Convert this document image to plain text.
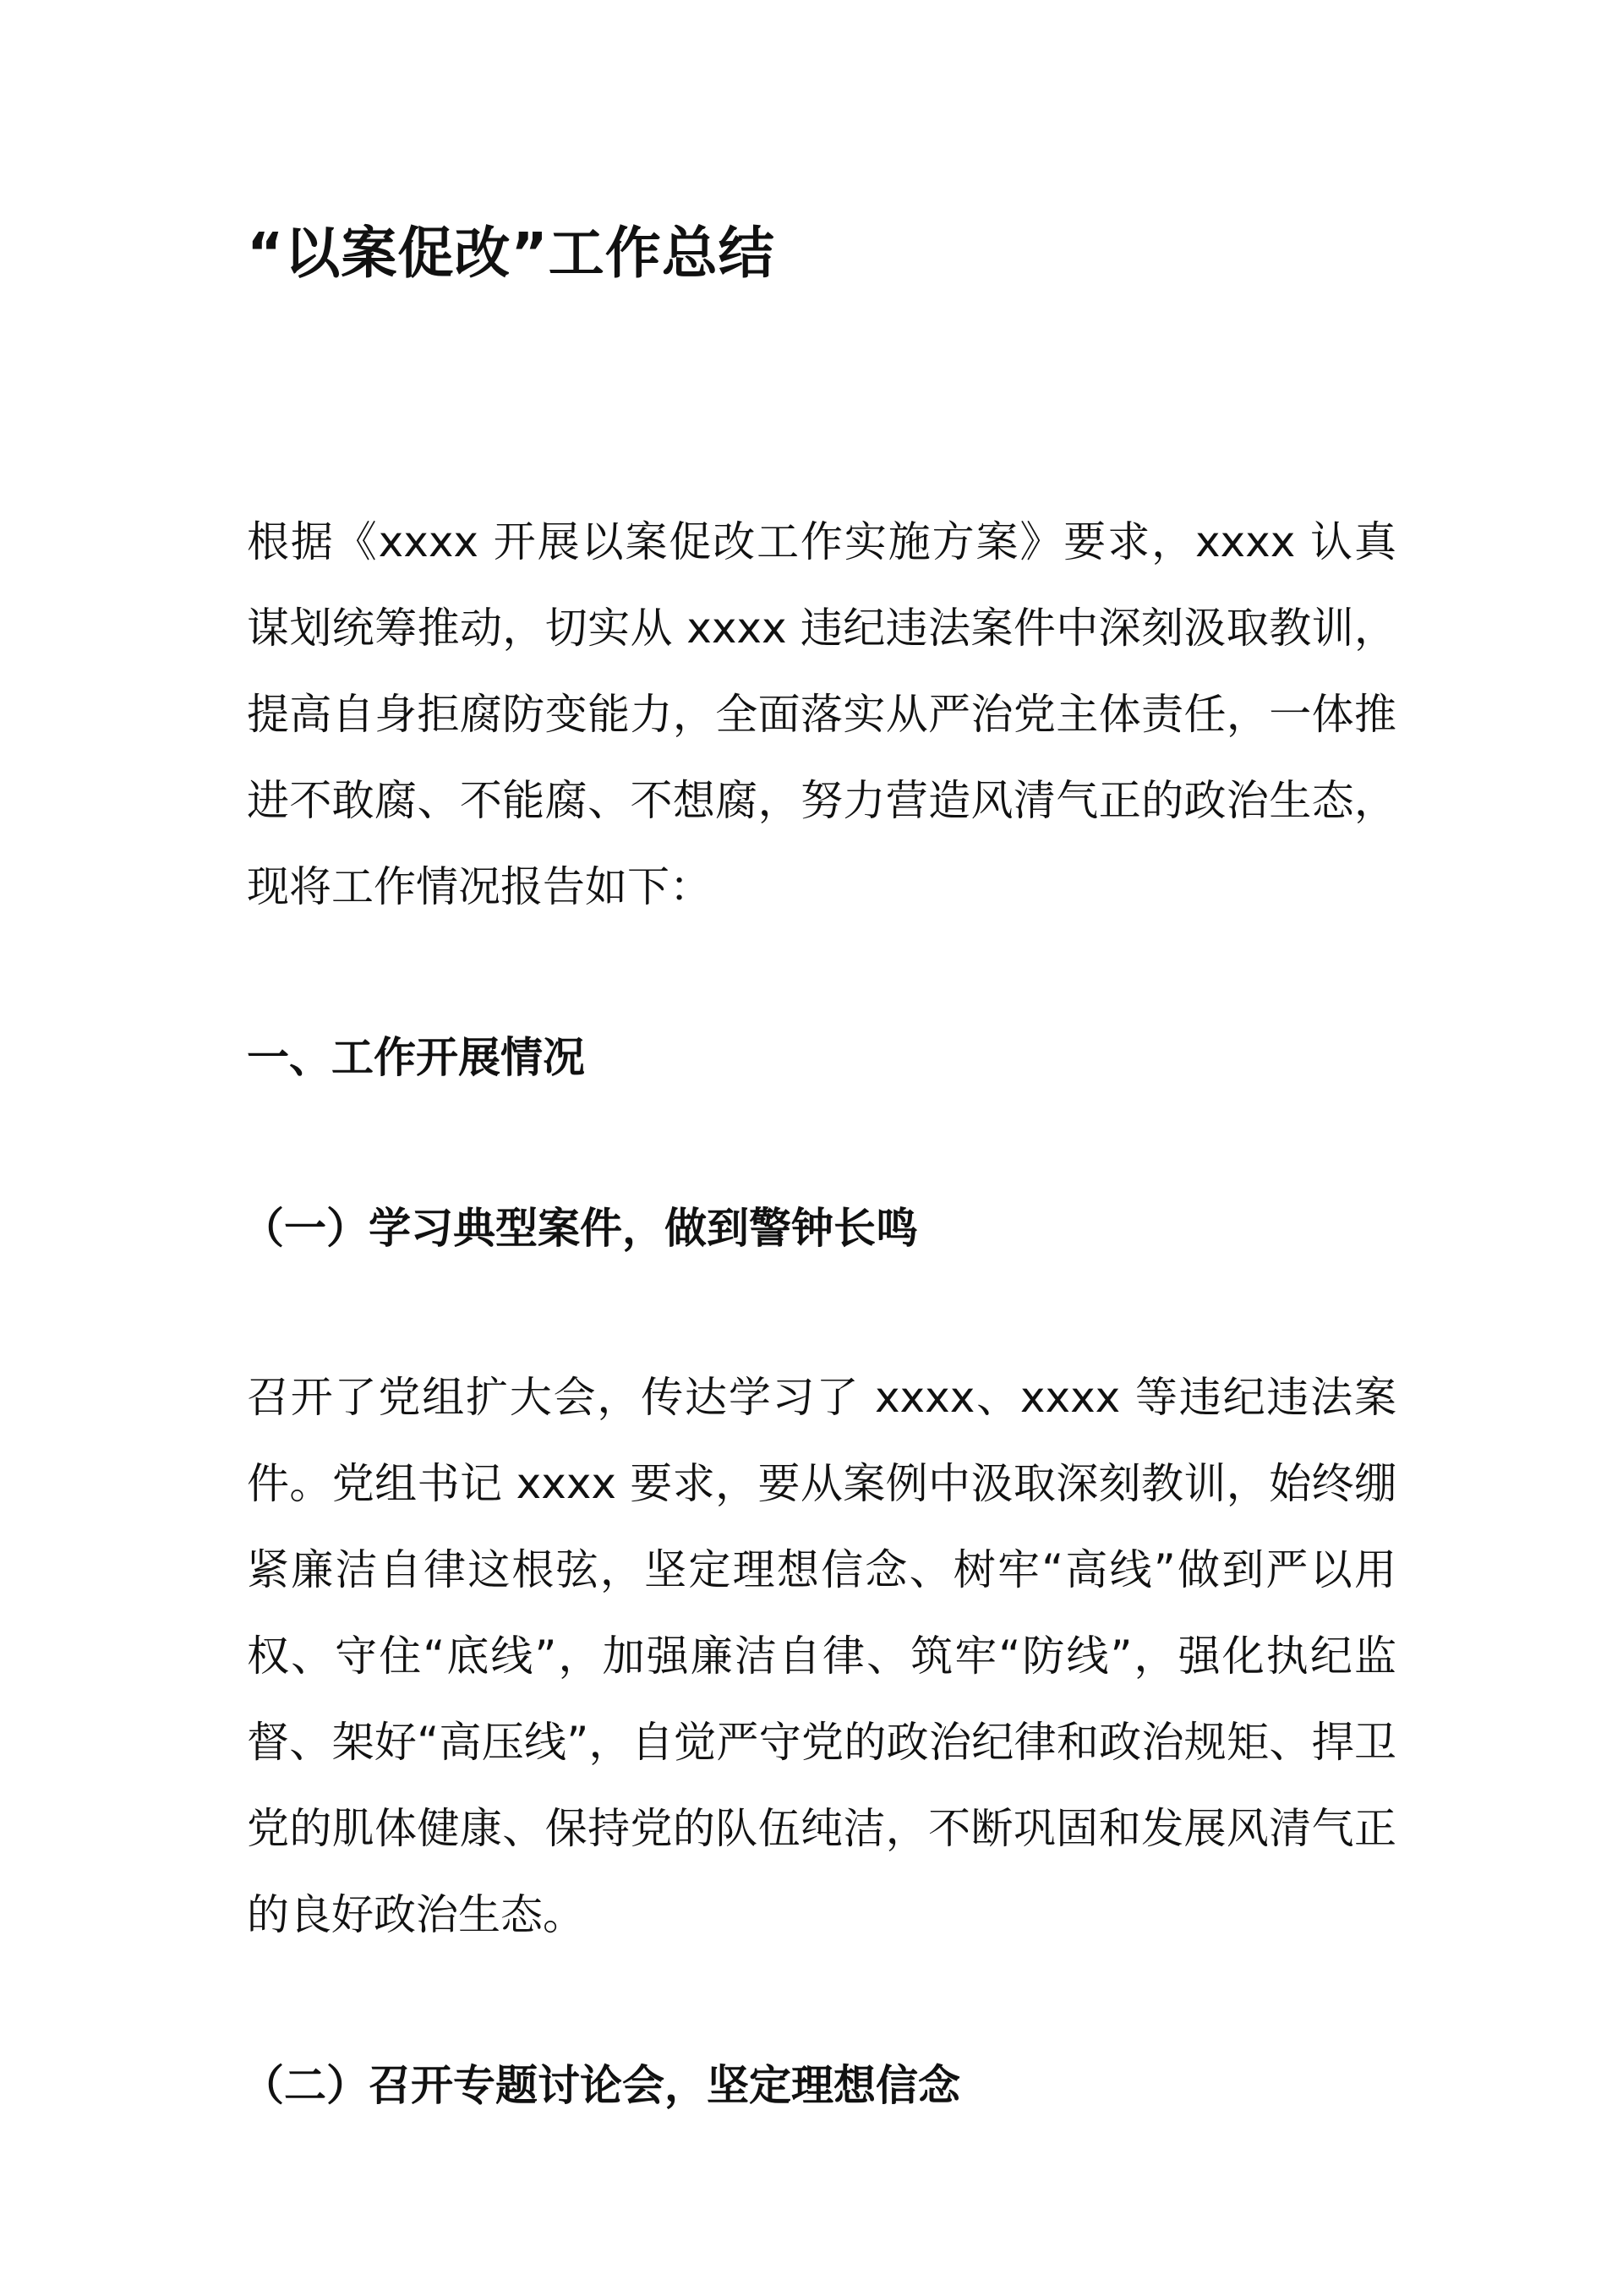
“以案促改”工作总结

根据《xxxx 开展以案促改工作实施方案》要求，xxxx 认真谋划统筹推动，切实从 xxxx 违纪违法案件中深刻汲取教训，提高自身拒腐防变能力，全面落实从严治党主体责任，一体推进不敢腐、不能腐、不想腐，努力营造风清气正的政治生态，现将工作情况报告如下：

一、工作开展情况
（一）学习典型案件，做到警钟长鸣

召开了党组扩大会，传达学习了 xxxx、xxxx 等违纪违法案件。党组书记 xxxx 要求，要从案例中汲取深刻教训，始终绷紧廉洁自律这根弦，坚定理想信念、树牢“高线”做到严以用权、守住“底线”，加强廉洁自律、筑牢“防线”，强化执纪监督、架好“高压线”，自觉严守党的政治纪律和政治规矩、捍卫党的肌体健康、保持党的队伍纯洁，不断巩固和发展风清气正的良好政治生态。

（二）召开专题讨论会，坚定理想信念
